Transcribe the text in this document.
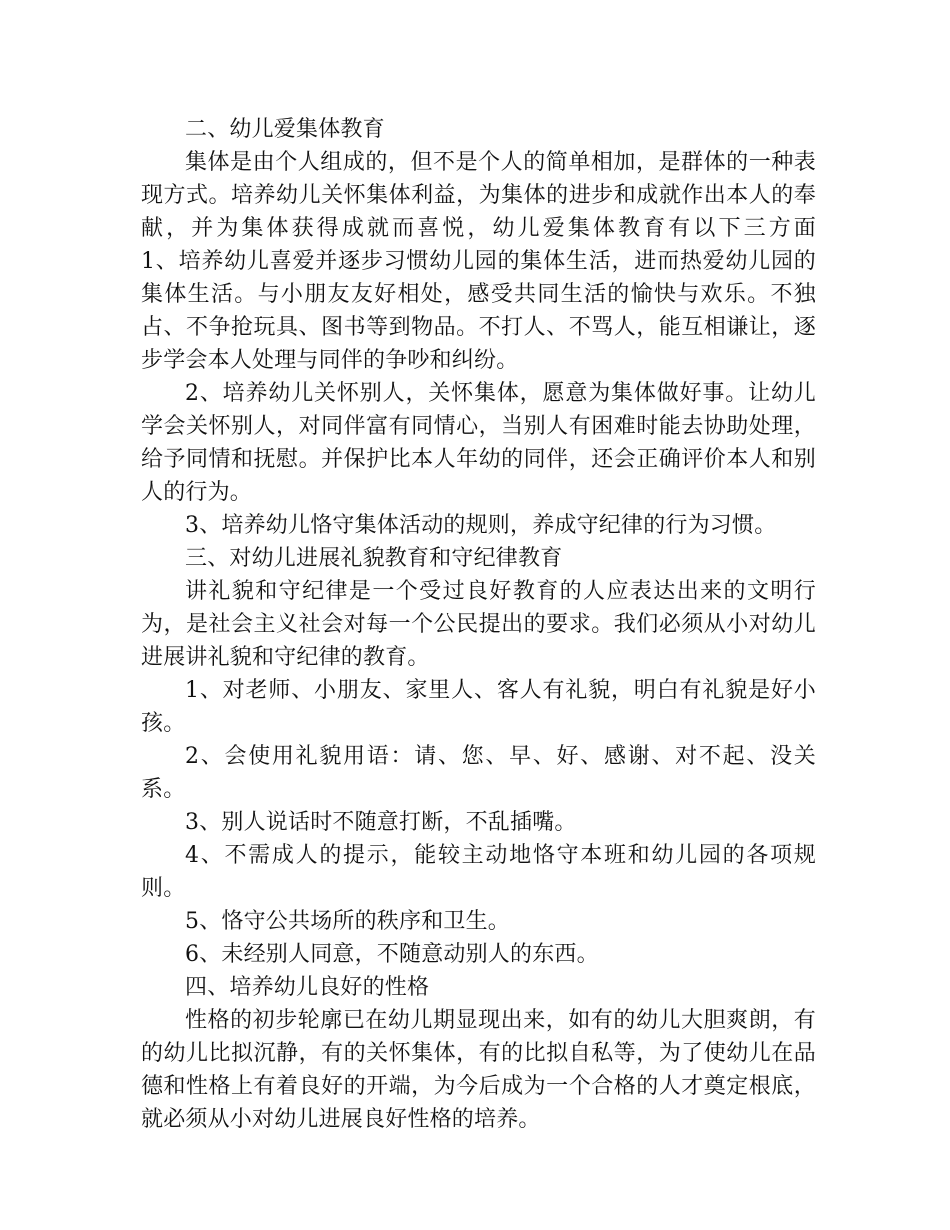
二、幼儿爱集体教育

集体是由个人组成的，但不是个人的简单相加，是群体的一种表现方式。培养幼儿关怀集体利益，为集体的进步和成就作出本人的奉献，并为集体获得成就而喜悦，幼儿爱集体教育有以下三方面　　1、培养幼儿喜爱并逐步习惯幼儿园的集体生活，进而热爱幼儿园的集体生活。与小朋友友好相处，感受共同生活的愉快与欢乐。不独占、不争抢玩具、图书等到物品。不打人、不骂人，能互相谦让，逐步学会本人处理与同伴的争吵和纠纷。

2、培养幼儿关怀别人，关怀集体，愿意为集体做好事。让幼儿学会关怀别人，对同伴富有同情心，当别人有困难时能去协助处理，给予同情和抚慰。并保护比本人年幼的同伴，还会正确评价本人和别人的行为。

3、培养幼儿恪守集体活动的规则，养成守纪律的行为习惯。

三、对幼儿进展礼貌教育和守纪律教育

讲礼貌和守纪律是一个受过良好教育的人应表达出来的文明行为，是社会主义社会对每一个公民提出的要求。我们必须从小对幼儿进展讲礼貌和守纪律的教育。

1、对老师、小朋友、家里人、客人有礼貌，明白有礼貌是好小孩。

2、会使用礼貌用语：请、您、早、好、感谢、对不起、没关系。

3、别人说话时不随意打断，不乱插嘴。

4、不需成人的提示，能较主动地恪守本班和幼儿园的各项规则。

5、恪守公共场所的秩序和卫生。

6、未经别人同意，不随意动别人的东西。

四、培养幼儿良好的性格

性格的初步轮廓已在幼儿期显现出来，如有的幼儿大胆爽朗，有的幼儿比拟沉静，有的关怀集体，有的比拟自私等，为了使幼儿在品德和性格上有着良好的开端，为今后成为一个合格的人才奠定根底，就必须从小对幼儿进展良好性格的培养。
